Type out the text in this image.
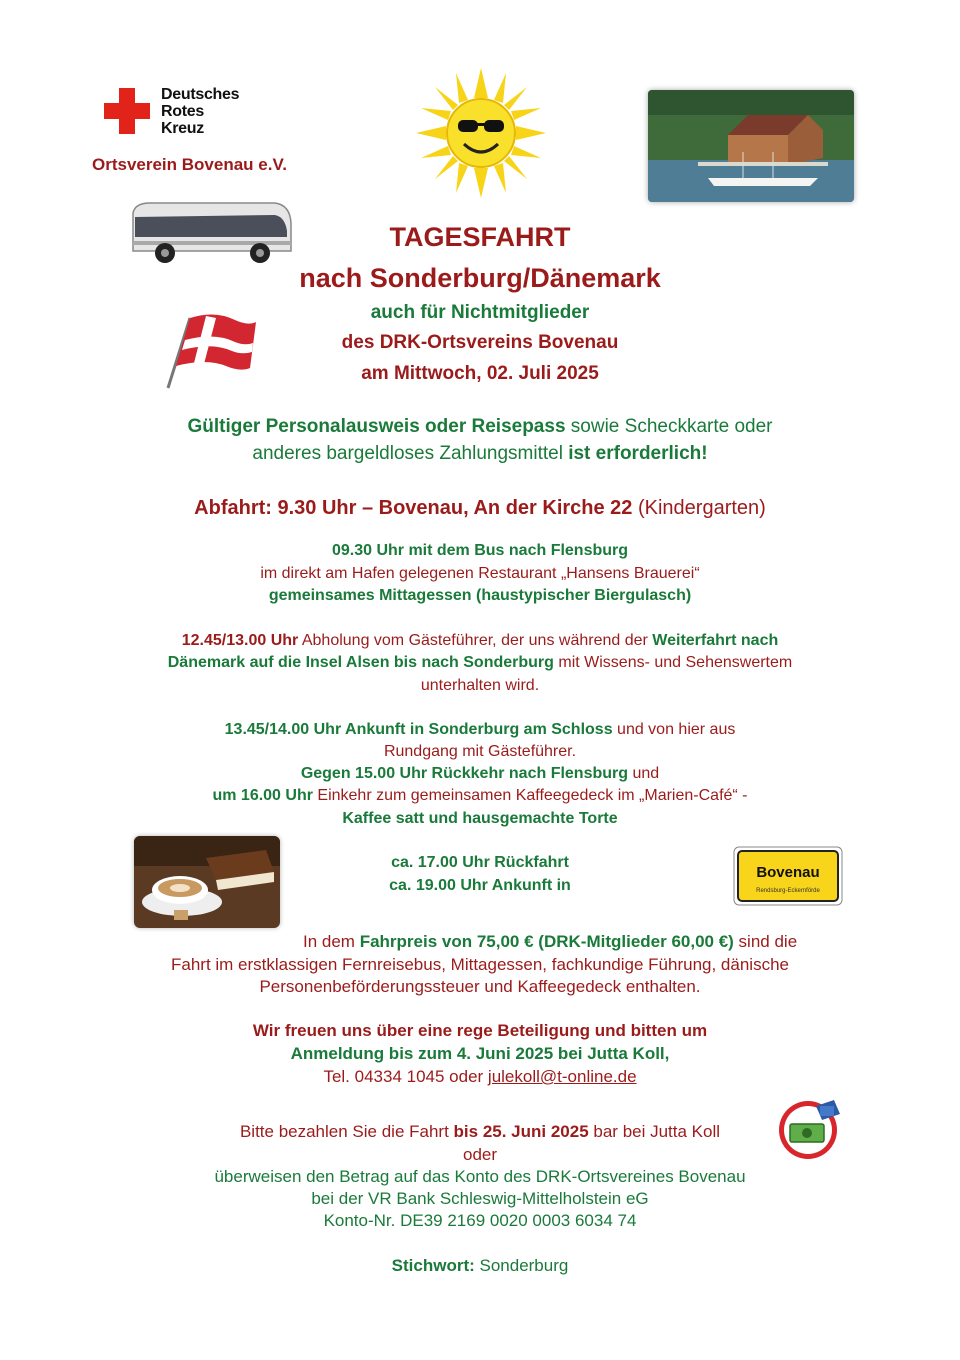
Deutsches
Rotes
Kreuz
Ortsverein Bovenau e.V.
TAGESFAHRT
nach Sonderburg/Dänemark
auch für Nichtmitglieder
des DRK-Ortsvereins Bovenau
am Mittwoch, 02. Juli 2025
Gültiger Personalausweis oder Reisepass sowie Scheckkarte oder
anderes bargeldloses Zahlungsmittel ist erforderlich!
Abfahrt: 9.30 Uhr – Bovenau, An der Kirche 22 (Kindergarten)
09.30 Uhr mit dem Bus nach Flensburg
im direkt am Hafen gelegenen Restaurant „Hansens Brauerei“
gemeinsames Mittagessen (haustypischer Biergulasch)
12.45/13.00 Uhr Abholung vom Gästeführer, der uns während der Weiterfahrt nach
Dänemark auf die Insel Alsen bis nach Sonderburg mit Wissens- und Sehenswertem
unterhalten wird.
13.45/14.00 Uhr Ankunft in Sonderburg am Schloss und von hier aus
Rundgang mit Gästeführer.
Gegen 15.00 Uhr Rückkehr nach Flensburg und
um 16.00 Uhr Einkehr zum gemeinsamen Kaffeegedeck im „Marien-Café“ -
Kaffee satt und hausgemachte Torte
ca. 17.00 Uhr Rückfahrt
ca. 19.00 Uhr Ankunft in
Bovenau
Rendsburg-Eckernförde
In dem Fahrpreis von 75,00 € (DRK-Mitglieder 60,00 €) sind die
Fahrt im erstklassigen Fernreisebus, Mittagessen, fachkundige Führung, dänische
Personenbeförderungssteuer und Kaffeegedeck enthalten.
Wir freuen uns über eine rege Beteiligung und bitten um
Anmeldung bis zum 4. Juni 2025 bei Jutta Koll,
Tel. 04334 1045 oder julekoll@t-online.de
Bitte bezahlen Sie die Fahrt bis 25. Juni 2025 bar bei Jutta Koll
oder
überweisen den Betrag auf das Konto des DRK-Ortsvereines Bovenau
bei der VR Bank Schleswig-Mittelholstein eG
Konto-Nr. DE39 2169 0020 0003 6034 74
Stichwort: Sonderburg
